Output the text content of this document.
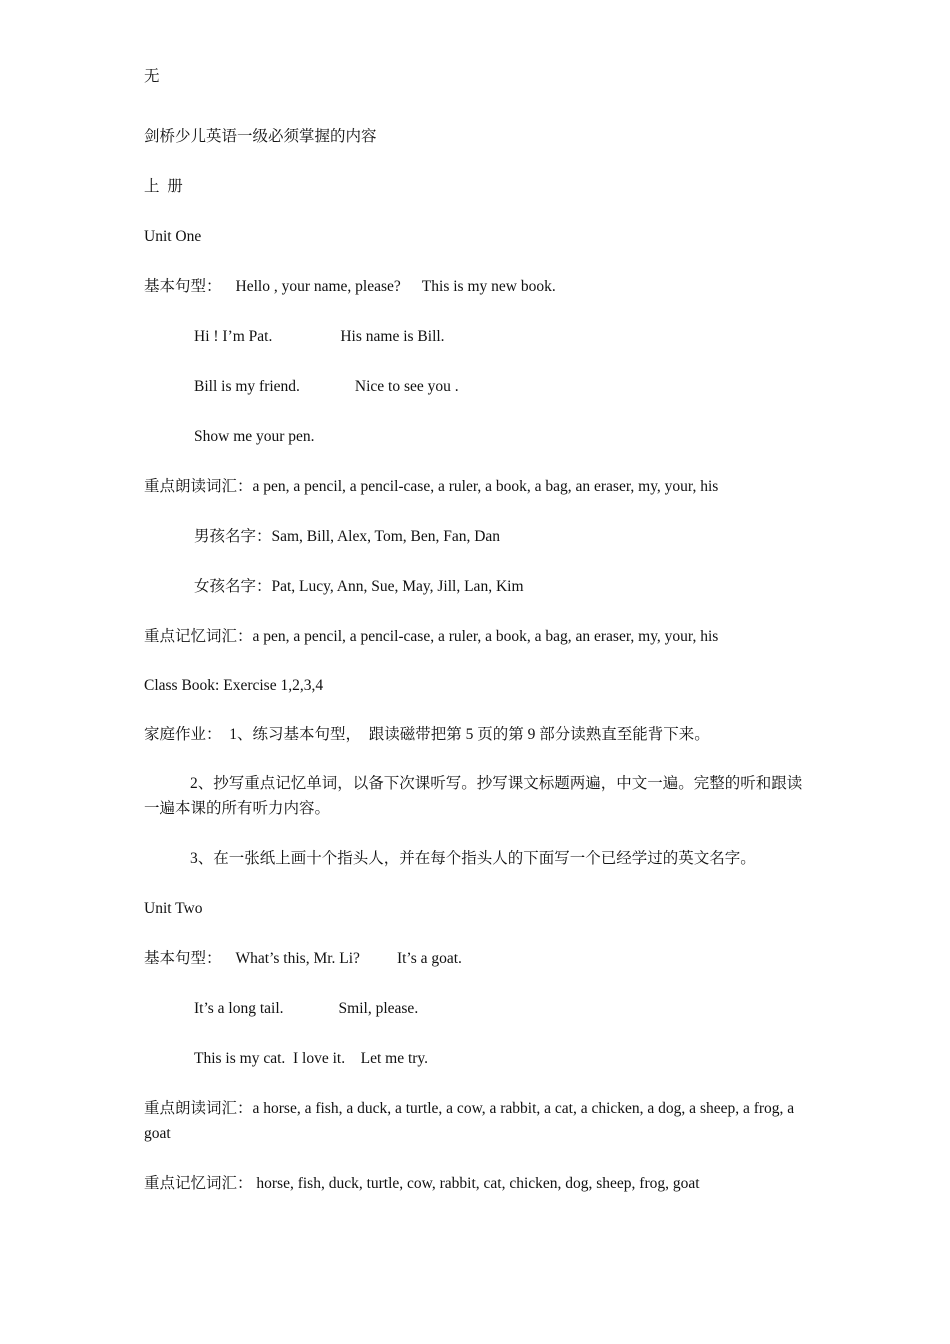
无
剑桥少儿英语一级必须掌握的内容
上  册
Unit One
基本句型： Hello , your name, please? This is my new book.
Hi ! I’m Pat.	His name is Bill.
Bill is my friend.	Nice to see you .
Show me your pen.
重点朗读词汇：a pen, a pencil, a pencil-case, a ruler, a book, a bag, an eraser, my, your, his
男孩名字：Sam, Bill, Alex, Tom, Ben, Fan, Dan
女孩名字：Pat, Lucy, Ann, Sue, May, Jill, Lan, Kim
重点记忆词汇：a pen, a pencil, a pencil-case, a ruler, a book, a bag, an eraser, my, your, his
Class Book: Exercise 1,2,3,4
家庭作业：  1、练习基本句型，  跟读磁带把第 5 页的第 9 部分读熟直至能背下来。
2、抄写重点记忆单词，以备下次课听写。抄写课文标题两遍，中文一遍。完整的听和跟读一遍本课的所有听力内容。
3、在一张纸上画十个指头人，并在每个指头人的下面写一个已经学过的英文名字。
Unit Two
基本句型： What’s this, Mr. Li? It’s a goat.
It’s a long tail.	Smil, please.
This is my cat.  I love it.    Let me try.
重点朗读词汇：a horse, a fish, a duck, a turtle, a cow, a rabbit, a cat, a chicken, a dog, a sheep, a frog, a goat
重点记忆词汇： horse, fish, duck, turtle, cow, rabbit, cat, chicken, dog, sheep, frog, goat
